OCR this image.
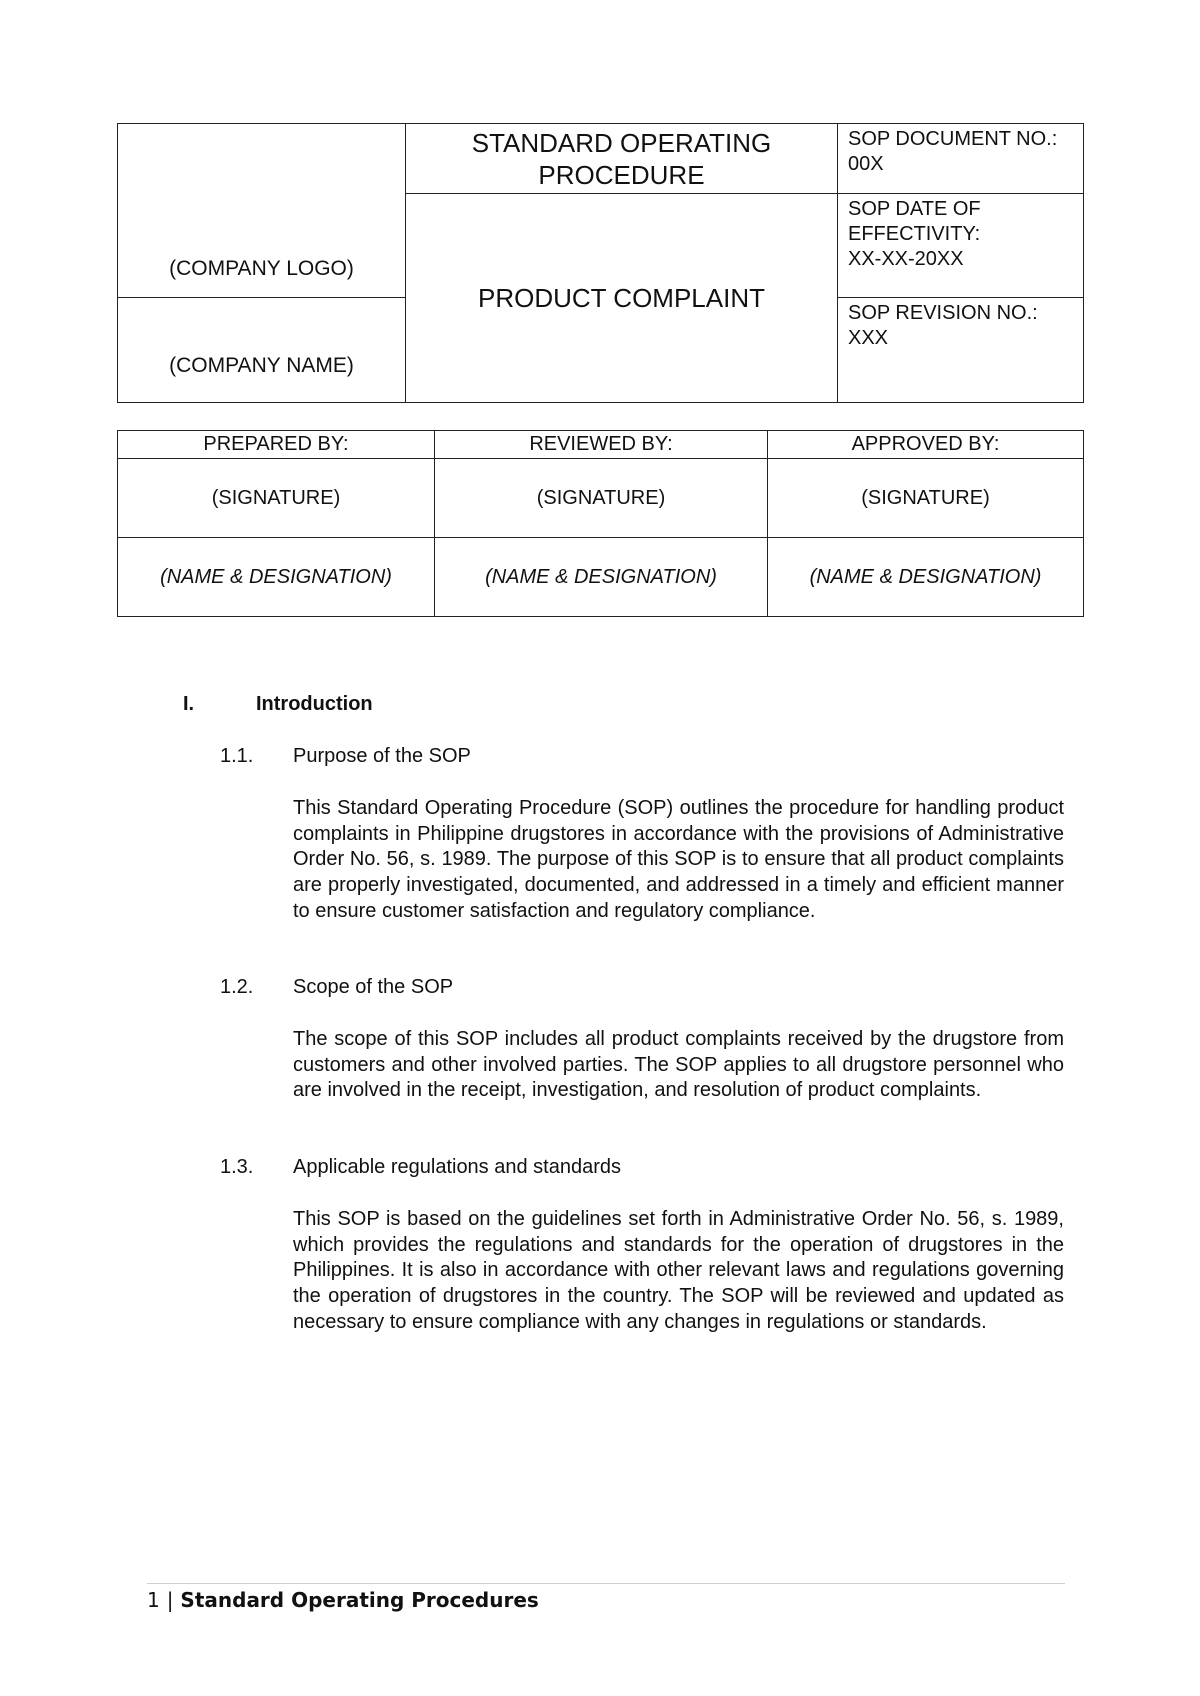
(COMPANY LOGO)	STANDARD OPERATING
PROCEDURE	SOP DOCUMENT NO.:  00X
	PRODUCT COMPLAINT	SOP DATE OF EFFECTIVITY:
XX-XX-20XX

(COMPANY NAME)		SOP REVISION NO.:
XXX
PREPARED BY:	REVIEWED BY:	APPROVED BY:
(SIGNATURE)	(SIGNATURE)	(SIGNATURE)
(NAME & DESIGNATION)	(NAME & DESIGNATION)	(NAME & DESIGNATION)
I.	Introduction
1.1. Purpose of the SOP

This Standard Operating Procedure (SOP) outlines the procedure for handling product complaints in Philippine drugstores in accordance with the provisions of Administrative Order No. 56, s. 1989. The purpose of this SOP is to ensure that all product complaints are properly investigated, documented, and addressed in a timely and efficient manner to ensure customer satisfaction and regulatory compliance.

1.2. Scope of the SOP

The scope of this SOP includes all product complaints received by the drugstore from customers and other involved parties. The SOP applies to all drugstore personnel who are involved in the receipt, investigation, and resolution of product complaints.

1.3. Applicable regulations and standards

This SOP is based on the guidelines set forth in Administrative Order No. 56, s. 1989, which provides the regulations and standards for the operation of drugstores in the Philippines. It is also in accordance with other relevant laws and regulations governing the operation of drugstores in the country. The SOP will be reviewed and updated as necessary to ensure compliance with any changes in regulations or standards.

1 | Standard Operating Procedures
